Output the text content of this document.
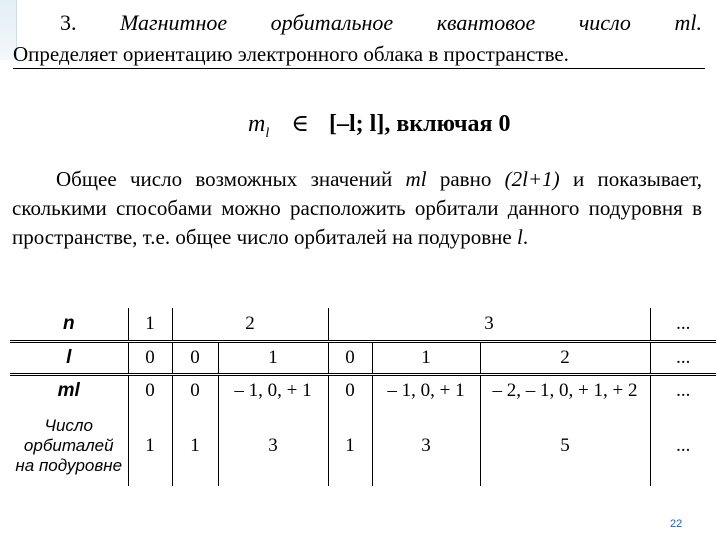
3. Магнитное орбитальное квантовое число ml.
Определяет ориентацию электронного облака в пространстве.
$m_l$ ∈ [–l; l], включая 0
Общее число возможных значений ml равно (2l+1) и показывает, сколькими способами можно расположить орбитали данного подуровня в пространстве, т.е. общее число орбиталей на подуровне l.
n	1	2		3			...
l	0	0	1	0	1	2	...
ml	0	0	– 1, 0, + 1	0	– 1, 0, + 1	– 2, – 1, 0, + 1, + 2	...

Число
орбиталей
на подуровне	1	1	3	1	3	5	...
22
